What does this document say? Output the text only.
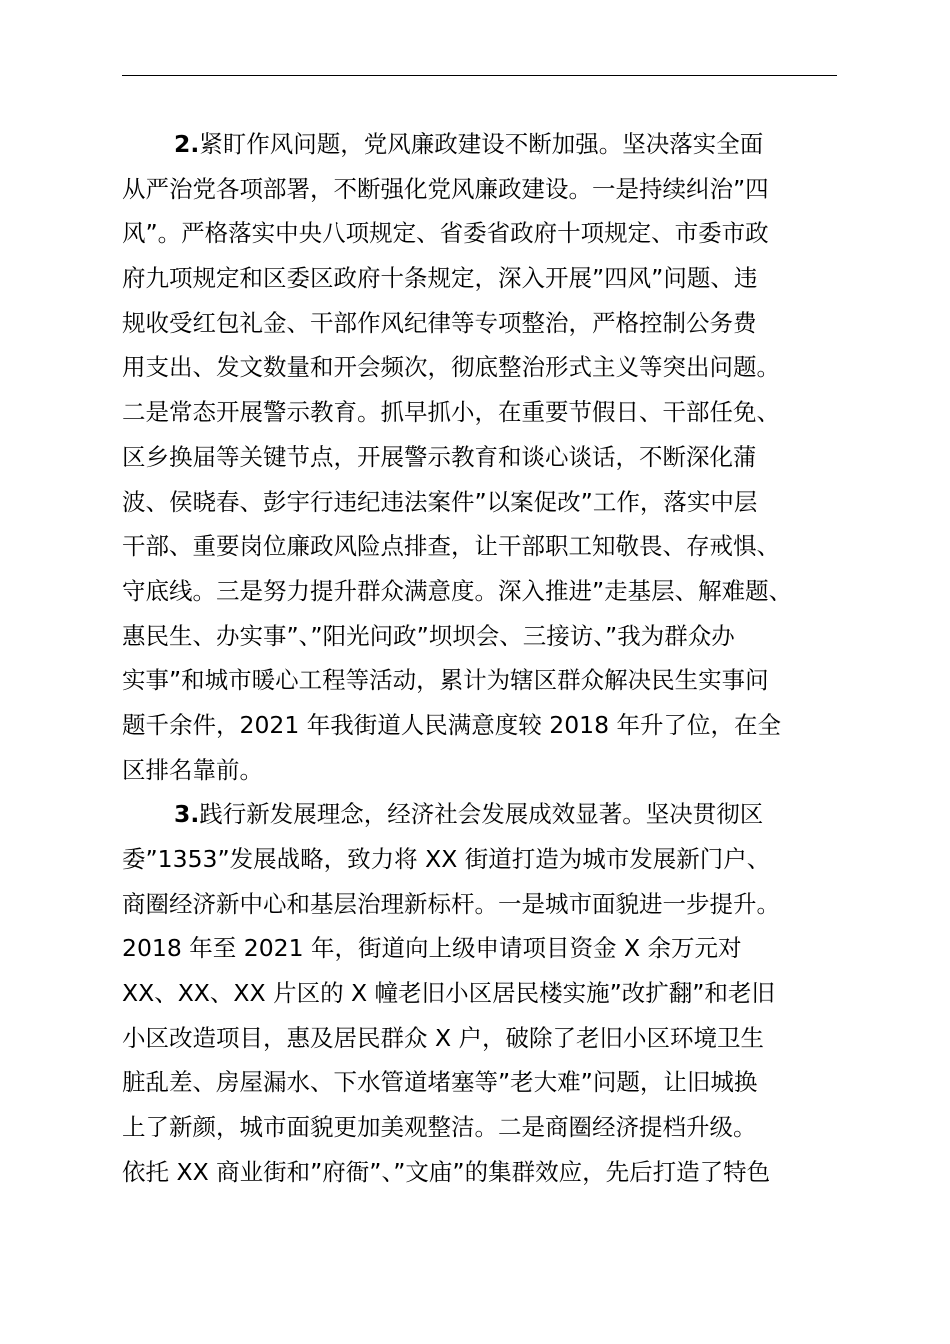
2.紧盯作风问题，党风廉政建设不断加强。坚决落实全面
从严治党各项部署，不断强化党风廉政建设。一是持续纠治”四
风”。严格落实中央八项规定、省委省政府十项规定、市委市政
府九项规定和区委区政府十条规定，深入开展”四风”问题、违
规收受红包礼金、干部作风纪律等专项整治，严格控制公务费
用支出、发文数量和开会频次，彻底整治形式主义等突出问题。
二是常态开展警示教育。抓早抓小，在重要节假日、干部任免、
区乡换届等关键节点，开展警示教育和谈心谈话，不断深化蒲
波、侯晓春、彭宇行违纪违法案件”以案促改”工作，落实中层
干部、重要岗位廉政风险点排查，让干部职工知敬畏、存戒惧、
守底线。三是努力提升群众满意度。深入推进”走基层、解难题、
惠民生、办实事”、”阳光问政”坝坝会、三接访、”我为群众办
实事”和城市暖心工程等活动，累计为辖区群众解决民生实事问
题千余件，2021 年我街道人民满意度较 2018 年升了位，在全
区排名靠前。
3.践行新发展理念，经济社会发展成效显著。坚决贯彻区
委”1353”发展战略，致力将 XX 街道打造为城市发展新门户、
商圈经济新中心和基层治理新标杆。一是城市面貌进一步提升。
2018 年至 2021 年，街道向上级申请项目资金 X 余万元对
XX、XX、XX 片区的 X 幢老旧小区居民楼实施”改扩翻”和老旧
小区改造项目，惠及居民群众 X 户，破除了老旧小区环境卫生
脏乱差、房屋漏水、下水管道堵塞等”老大难”问题，让旧城换
上了新颜，城市面貌更加美观整洁。二是商圈经济提档升级。
依托 XX 商业街和”府衙”、”文庙”的集群效应，先后打造了特色
